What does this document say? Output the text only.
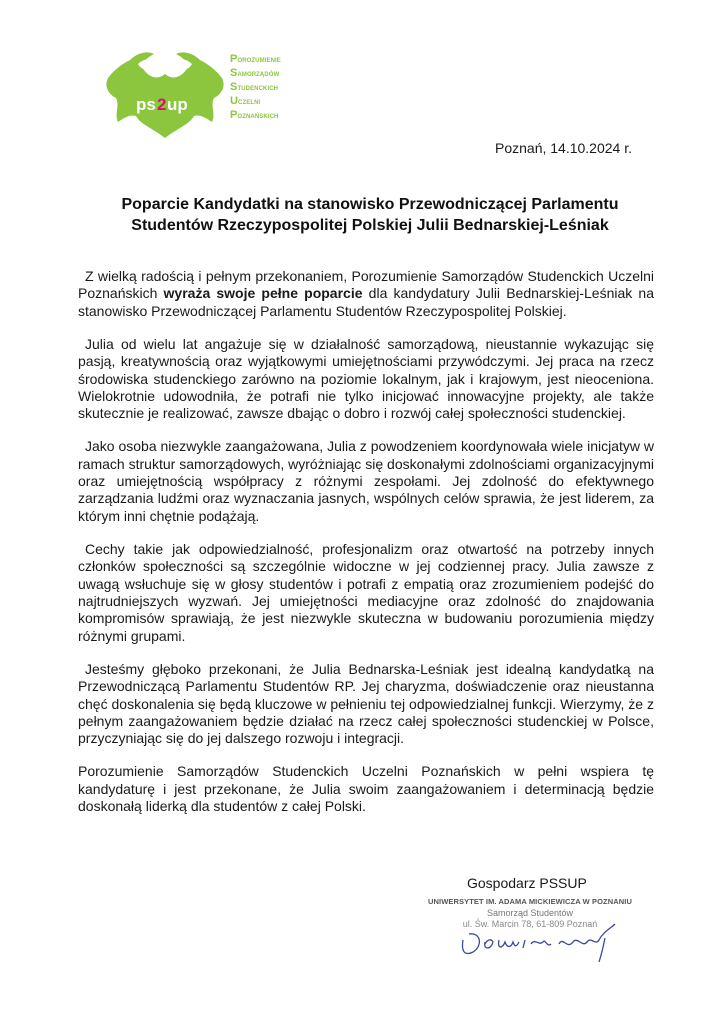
ps 2 up
Porozumienie
Samorządów
Studenckich
Uczelni
Poznańskich
Poznań, 14.10.2024 r.
Poparcie Kandydatki na stanowisko Przewodniczącej Parlamentu
Studentów Rzeczypospolitej Polskiej Julii Bednarskiej-Leśniak

Z wielką radością i pełnym przekonaniem, Porozumienie Samorządów Studenckich Uczelni Poznańskich wyraża swoje pełne poparcie dla kandydatury Julii Bednarskiej-Leśniak na stanowisko Przewodniczącej Parlamentu Studentów Rzeczypospolitej Polskiej.

Julia od wielu lat angażuje się w działalność samorządową, nieustannie wykazując się pasją, kreatywnością oraz wyjątkowymi umiejętnościami przywódczymi. Jej praca na rzecz środowiska studenckiego zarówno na poziomie lokalnym, jak i krajowym, jest nieoceniona. Wielokrotnie udowodniła, że potrafi nie tylko inicjować innowacyjne projekty, ale także skutecznie je realizować, zawsze dbając o dobro i rozwój całej społeczności studenckiej.

Jako osoba niezwykle zaangażowana, Julia z powodzeniem koordynowała wiele inicjatyw w ramach struktur samorządowych, wyróżniając się doskonałymi zdolnościami organizacyjnymi oraz umiejętnością współpracy z różnymi zespołami. Jej zdolność do efektywnego zarządzania ludźmi oraz wyznaczania jasnych, wspólnych celów sprawia, że jest liderem, za którym inni chętnie podążają.

Cechy takie jak odpowiedzialność, profesjonalizm oraz otwartość na potrzeby innych członków społeczności są szczególnie widoczne w jej codziennej pracy. Julia zawsze z uwagą wsłuchuje się w głosy studentów i potrafi z empatią oraz zrozumieniem podejść do najtrudniejszych wyzwań. Jej umiejętności mediacyjne oraz zdolność do znajdowania kompromisów sprawiają, że jest niezwykle skuteczna w budowaniu porozumienia między różnymi grupami.

Jesteśmy głęboko przekonani, że Julia Bednarska-Leśniak jest idealną kandydatką na Przewodniczącą Parlamentu Studentów RP. Jej charyzma, doświadczenie oraz nieustanna chęć doskonalenia się będą kluczowe w pełnieniu tej odpowiedzialnej funkcji. Wierzymy, że z pełnym zaangażowaniem będzie działać na rzecz całej społeczności studenckiej w Polsce, przyczyniając się do jej dalszego rozwoju i integracji.

Porozumienie Samorządów Studenckich Uczelni Poznańskich w pełni wspiera tę kandydaturę i jest przekonane, że Julia swoim zaangażowaniem i determinacją będzie doskonałą liderką dla studentów z całej Polski.

Gospodarz PSSUP
UNIWERSYTET IM. ADAMA MICKIEWICZA W POZNANIU
Samorząd Studentów
ul. Św. Marcin 78, 61-809 Poznań
